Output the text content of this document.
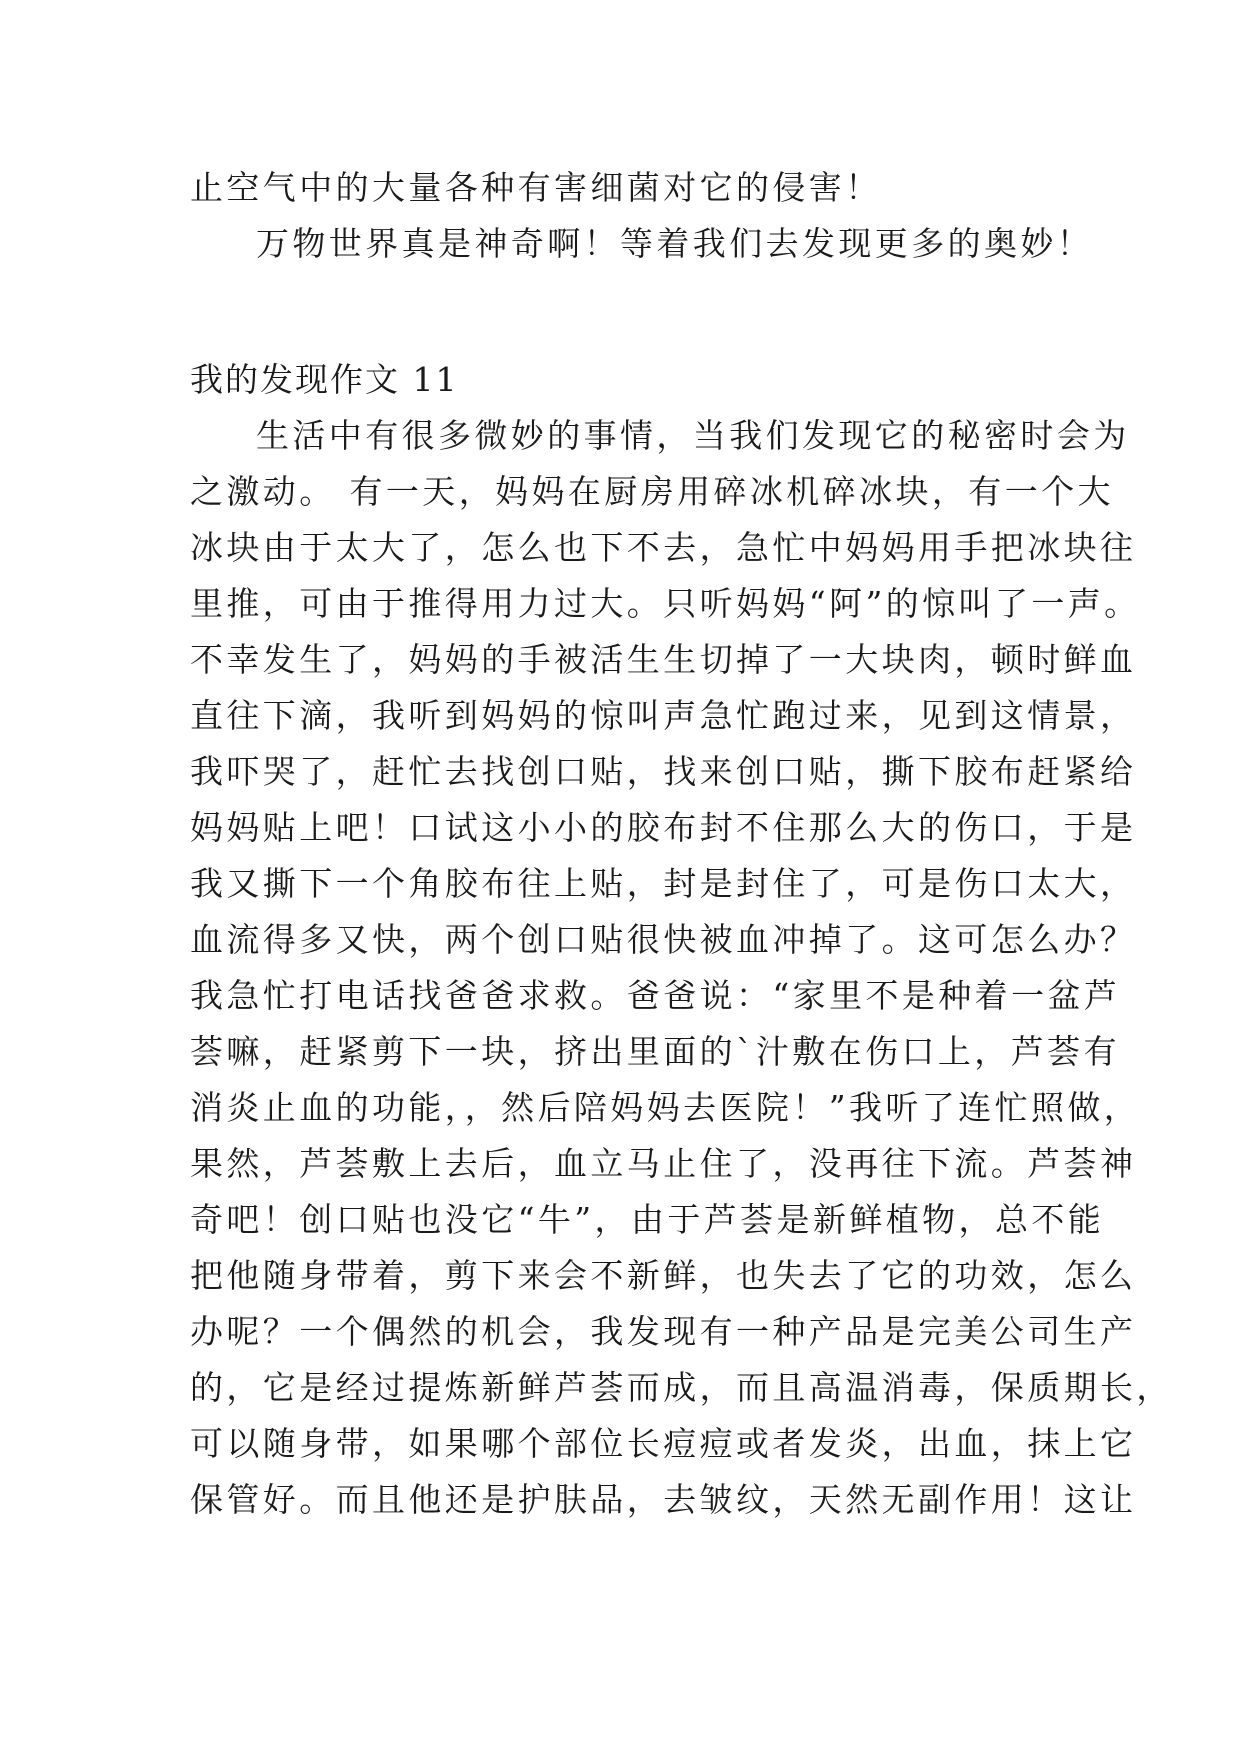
止空气中的大量各种有害细菌对它的侵害！
万物世界真是神奇啊！等着我们去发现更多的奥妙！
我的发现作文 11
生活中有很多微妙的事情，当我们发现它的秘密时会为
之激动。 有一天，妈妈在厨房用碎冰机碎冰块，有一个大
冰块由于太大了，怎么也下不去，急忙中妈妈用手把冰块往
里推，可由于推得用力过大。只听妈妈“阿”的惊叫了一声。
不幸发生了，妈妈的手被活生生切掉了一大块肉，顿时鲜血
直往下滴，我听到妈妈的惊叫声急忙跑过来，见到这情景，
我吓哭了，赶忙去找创口贴，找来创口贴，撕下胶布赶紧给
妈妈贴上吧！口试这小小的胶布封不住那么大的伤口，于是
我又撕下一个角胶布往上贴，封是封住了，可是伤口太大，
血流得多又快，两个创口贴很快被血冲掉了。这可怎么办？
我急忙打电话找爸爸求救。爸爸说：“家里不是种着一盆芦
荟嘛，赶紧剪下一块，挤出里面的`汁敷在伤口上，芦荟有
消炎止血的功能，，然后陪妈妈去医院！”我听了连忙照做，
果然，芦荟敷上去后，血立马止住了，没再往下流。芦荟神
奇吧！创口贴也没它“牛”，由于芦荟是新鲜植物，总不能
把他随身带着，剪下来会不新鲜，也失去了它的功效，怎么
办呢？一个偶然的机会，我发现有一种产品是完美公司生产
的，它是经过提炼新鲜芦荟而成，而且高温消毒，保质期长，
可以随身带，如果哪个部位长痘痘或者发炎，出血，抹上它
保管好。而且他还是护肤品，去皱纹，天然无副作用！这让
